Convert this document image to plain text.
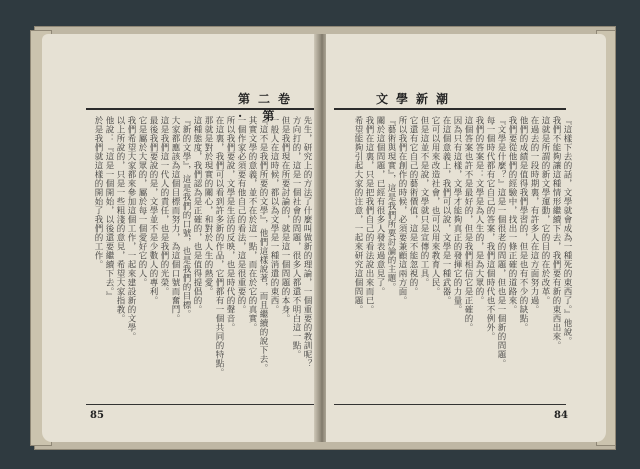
第二卷 · 第	先生，研究上的方法了什麼叫做新的理論，一個重要的教訓呢？
方向打的，這是一個社會的問題，很多人都還不明白這一點。
但是我們現在所要討論的，就是這一個問題的本身。
一般人在這時候，都以為文學是一種消遣的東西。
『這不是我們所要的文學』，他們這樣說著，而且繼續的說下去。
其實文學的意義，並不在於這一點，而在於它的真實。
一個作家必須要有他自己的看法，這是很重要的。
所以我們要說，文學是生活的反映，也是時代的聲音。
在這裏，我們可以看到許多新的作品，它們都有一個共同的特點。
那就是對於現實的關心，和對於人生的熱愛。
這種態度，我們認為是正確的，也是值得提倡的。
『新的文學』，這是我們的口號，也是我們的目標。
大家都應該為這個目標而努力，為這個口號而奮鬥。
這是我們這一代人的責任，也是我們的光榮。
最後我們要說的是，文學並不是少數人的專利。
它是屬於大眾的，屬於每一個愛好它的人。
我們希望大家都來參加這個工作，一起來建設新的文學。
以上所說的，只是一些粗淺的意見，希望大家指教。
他說：『這是一個開始，以後還要繼續下去。』
於是我們就這樣的開始了我們的工作。
85
文學新潮
『這樣下去的話，文學就會成為一種死的東西了。』他說。
我們不能夠讓這種情形繼續下去，我們要有新的東西出來。
這就是所謂的新文學運動，它的目的在於改革。
在過去的一段時期裏，有許多人在這方面努力過。
他們的成績是值得我們學習的，但是也有不少的缺點。
我們要從他們的經驗中，找出一條正確的道路來。
『文學是什麼？』這是一個很老的問題，但也是一個新的問題。
每一個時代都有它自己的答案，我們這個時代也不例外。
我們的答案是：文學是為人生的，是為大眾的。
這個答案也許不是最好的，但是我們相信它是正確的。
因為只有這樣，文學才能夠真正的發揮它的力量。
在這個意義上，我們可以說，文學是一種武器。
它可以用來改造社會，也可以用來教育人民。
但是這並不是說，文學就只是宣傳的工具。
它還有它自己的藝術價值，這是不能忽視的。
所以我們在創作的時候，必須要兼顧這兩方面。
『藝術與現實』，這是我們所要討論的主題。
關於這個問題，已經有很多人發表過意見了。
我們在這裏，只是把我們自己的看法說出來而已。
希望能夠引起大家的注意，一起來研究這個問題。
84
